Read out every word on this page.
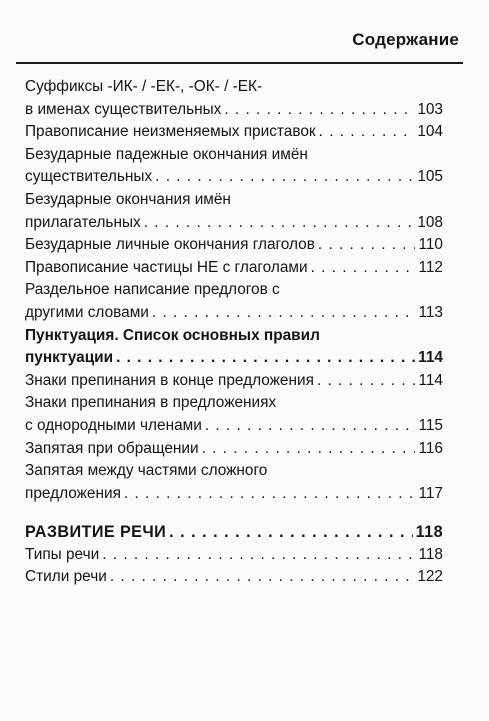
Содержание
Суффиксы -ИК- / -ЕК-, -ОК- / -ЕК-
в именах существительных . . .	103
Правописание неизменяемых приставок . . .	104
Безударные падежные окончания имён
существительных . . .	105
Безударные окончания имён
прилагательных . . .	108
Безударные личные окончания глаголов . . .	110
Правописание частицы НЕ с глаголами . . .	112
Раздельное написание предлогов с
другими словами . . .	113
Пунктуация. Список основных правил
пунктуации . . .	114
Знаки препинания в конце предложения . . .	114
Знаки препинания в предложениях
с однородными членами . . .	115
Запятая при обращении . . .	116
Запятая между частями сложного
предложения . . .	117
РАЗВИТИЕ РЕЧИ . . .	118
Типы речи . . .	118
Стили речи . . .	122
